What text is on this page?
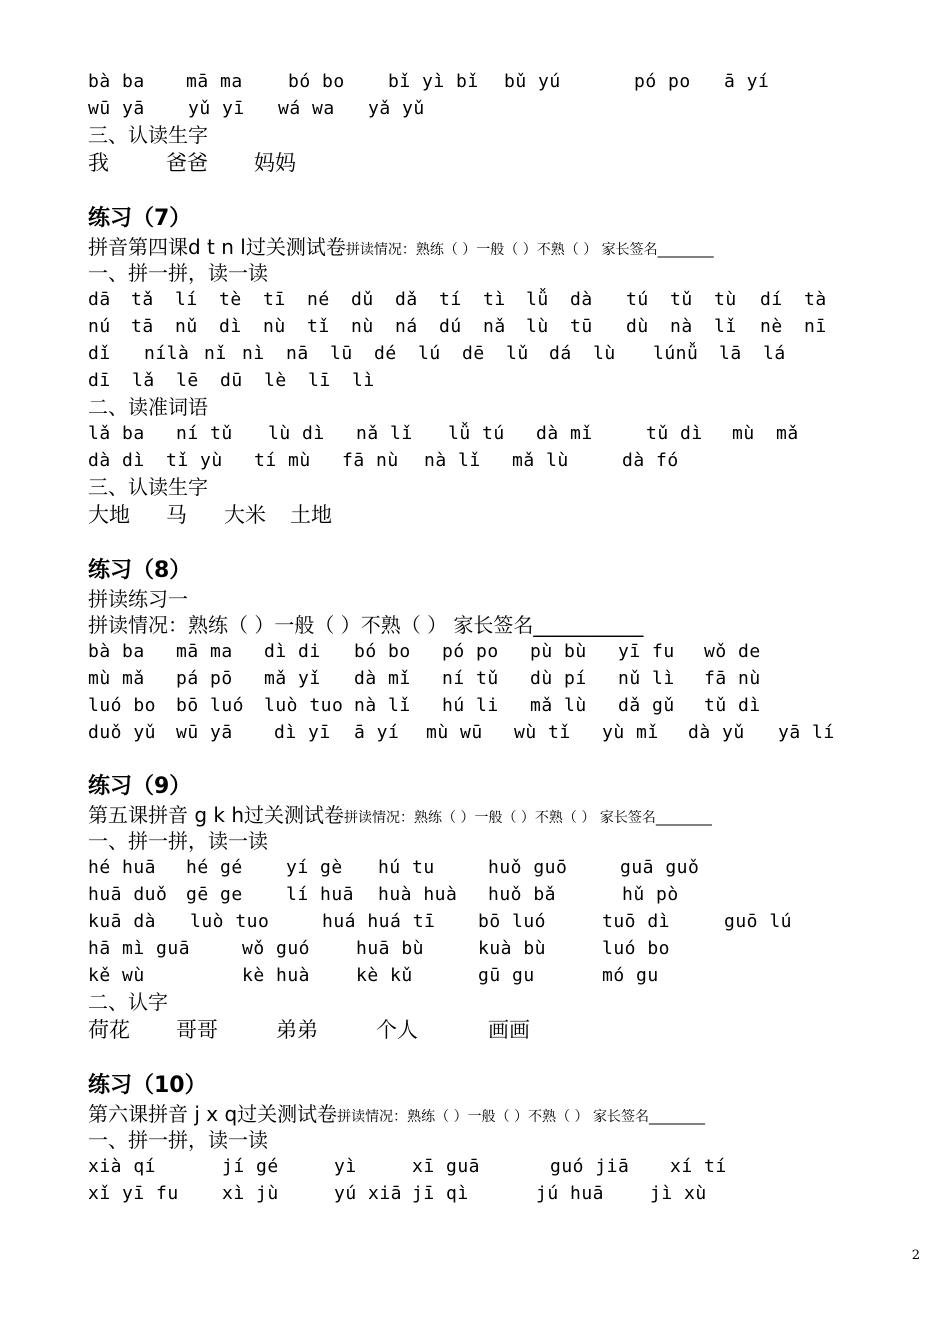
bà ba	mā ma	bó bo	bǐ yì bǐ	bǔ yú	pó po	ā yí
wū yā	yǔ yī	wá wa	yǎ yǔ
三、认读生字
我	爸爸	妈妈
练习（7）
拼音第四课d t n l过关测试卷拼读情况：熟练（ ）一般（ ）不熟（ ） 家长签名________
一、拼一拼，读一读
dā	tǎ	lí	tè	tī	né	dǔ	dǎ	tí	tì	lǚ	dà	tú	tǔ	tù	dí	tà
nú	tā	nǔ	dì	nù	tǐ	nù	ná	dú	nǎ	lù	tū	dù	nà	lǐ	nè	nī
dǐ	nílà nǐ nì	nā	lū	dé	lú	dē	lǔ	dá	lù	lúnǚ	lā	lá
dī	lǎ	lē	dū	lè	lī	lì
二、读准词语
lǎ ba	ní tǔ	lù dì	nǎ lǐ	lǚ tú	dà mǐ	tǔ dì	mù	mǎ
dà dì	tǐ yù	tí mù	fā nù	nà lǐ	mǎ lù	dà fó
三、认读生字
大地	马	大米	土地
练习（8）
拼读练习一
拼读情况：熟练（ ）一般（ ）不熟（ ） 家长签名___________
bà ba	mā ma	dì di	bó bo	pó po	pù bù	yī fu	wǒ de
mù mǎ	pá pō	mǎ yǐ	dà mǐ	ní tǔ	dù pí	nǔ lì	fā nù
luó bo	bō luó	luò tuo nà lǐ	hú li	mǎ lù	dǎ gǔ	tǔ dì
duǒ yǔ	wū yā	dì yī	ā yí	mù wū	wù tǐ	yù mǐ	dà yǔ	yā lí
练习（9）
第五课拼音 g k h过关测试卷拼读情况：熟练（ ）一般（ ）不熟（ ） 家长签名________
一、拼一拼，读一读
hé huā	hé gé	yí gè	hú tu	huǒ guō	guā guǒ
huā duǒ	gē ge	lí huā	huà huà	huǒ bǎ	hǔ pò
kuā dà	luò tuo	huá huá tī	bō luó	tuō dì	guō lú
hā mì guā	wǒ guó	huā bù	kuà bù	luó bo
kě wù	kè huà	kè kǔ	gū gu	mó gu
二、认字
荷花	哥哥	弟弟	个人	画画
练习（10）
第六课拼音 j x q过关测试卷拼读情况：熟练（ ）一般（ ）不熟（ ） 家长签名________
一、拼一拼，读一读
xià qí	jí gé	yì	xī guā	guó jiā	xí tí
xǐ yī fu	xì jù	yú xiā jī qì	jú huā	jì xù
2
